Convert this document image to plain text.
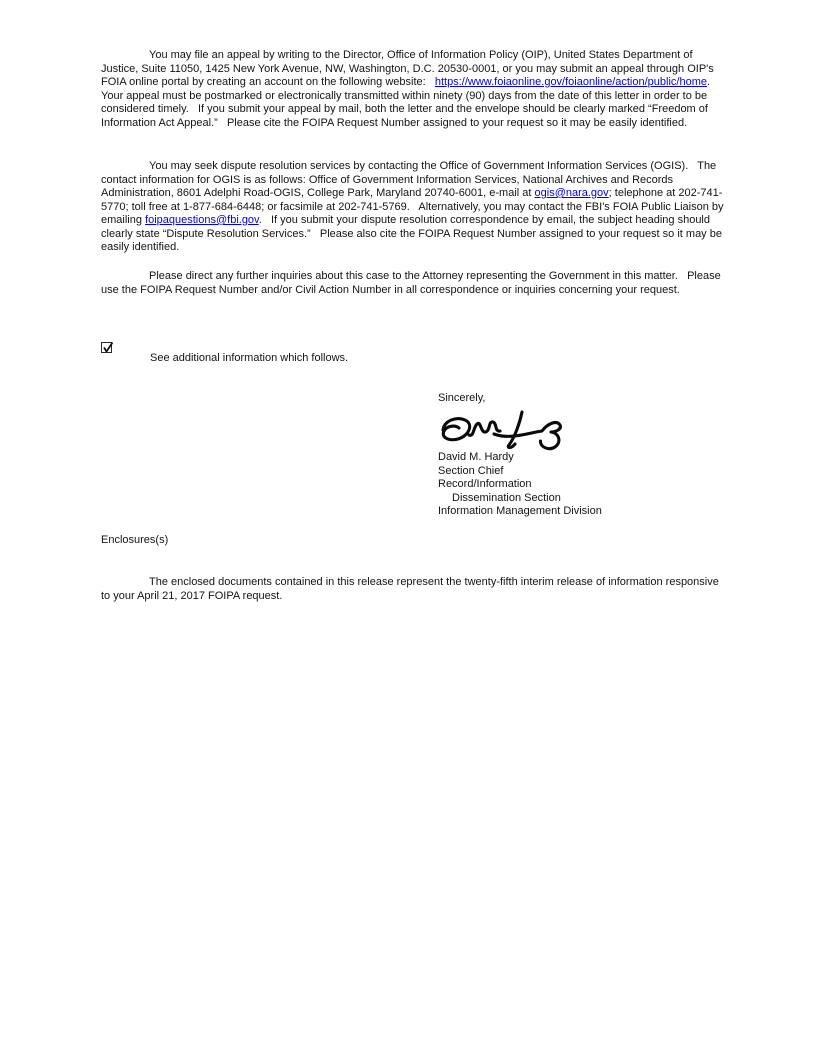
You may file an appeal by writing to the Director, Office of Information Policy (OIP), United States Department of Justice, Suite 11050, 1425 New York Avenue, NW, Washington, D.C. 20530-0001, or you may submit an appeal through OIP's FOIA online portal by creating an account on the following website:   https://www.foiaonline.gov/foiaonline/action/public/home.   Your appeal must be postmarked or electronically transmitted within ninety (90) days from the date of this letter in order to be considered timely.   If you submit your appeal by mail, both the letter and the envelope should be clearly marked “Freedom of Information Act Appeal.”   Please cite the FOIPA Request Number assigned to your request so it may be easily identified.
You may seek dispute resolution services by contacting the Office of Government Information Services (OGIS).   The contact information for OGIS is as follows: Office of Government Information Services, National Archives and Records Administration, 8601 Adelphi Road-OGIS, College Park, Maryland 20740-6001, e-mail at ogis@nara.gov; telephone at 202-741-5770; toll free at 1-877-684-6448; or facsimile at 202-741-5769.   Alternatively, you may contact the FBI's FOIA Public Liaison by emailing foipaquestions@fbi.gov.   If you submit your dispute resolution correspondence by email, the subject heading should clearly state “Dispute Resolution Services.”   Please also cite the FOIPA Request Number assigned to your request so it may be easily identified.
Please direct any further inquiries about this case to the Attorney representing the Government in this matter.   Please use the FOIPA Request Number and/or Civil Action Number in all correspondence or inquiries concerning your request.
See additional information which follows.
Sincerely,
David M. Hardy
Section Chief
Record/Information
Dissemination Section
Information Management Division
Enclosures(s)
The enclosed documents contained in this release represent the twenty-fifth interim release of information responsive to your April 21, 2017 FOIPA request.
